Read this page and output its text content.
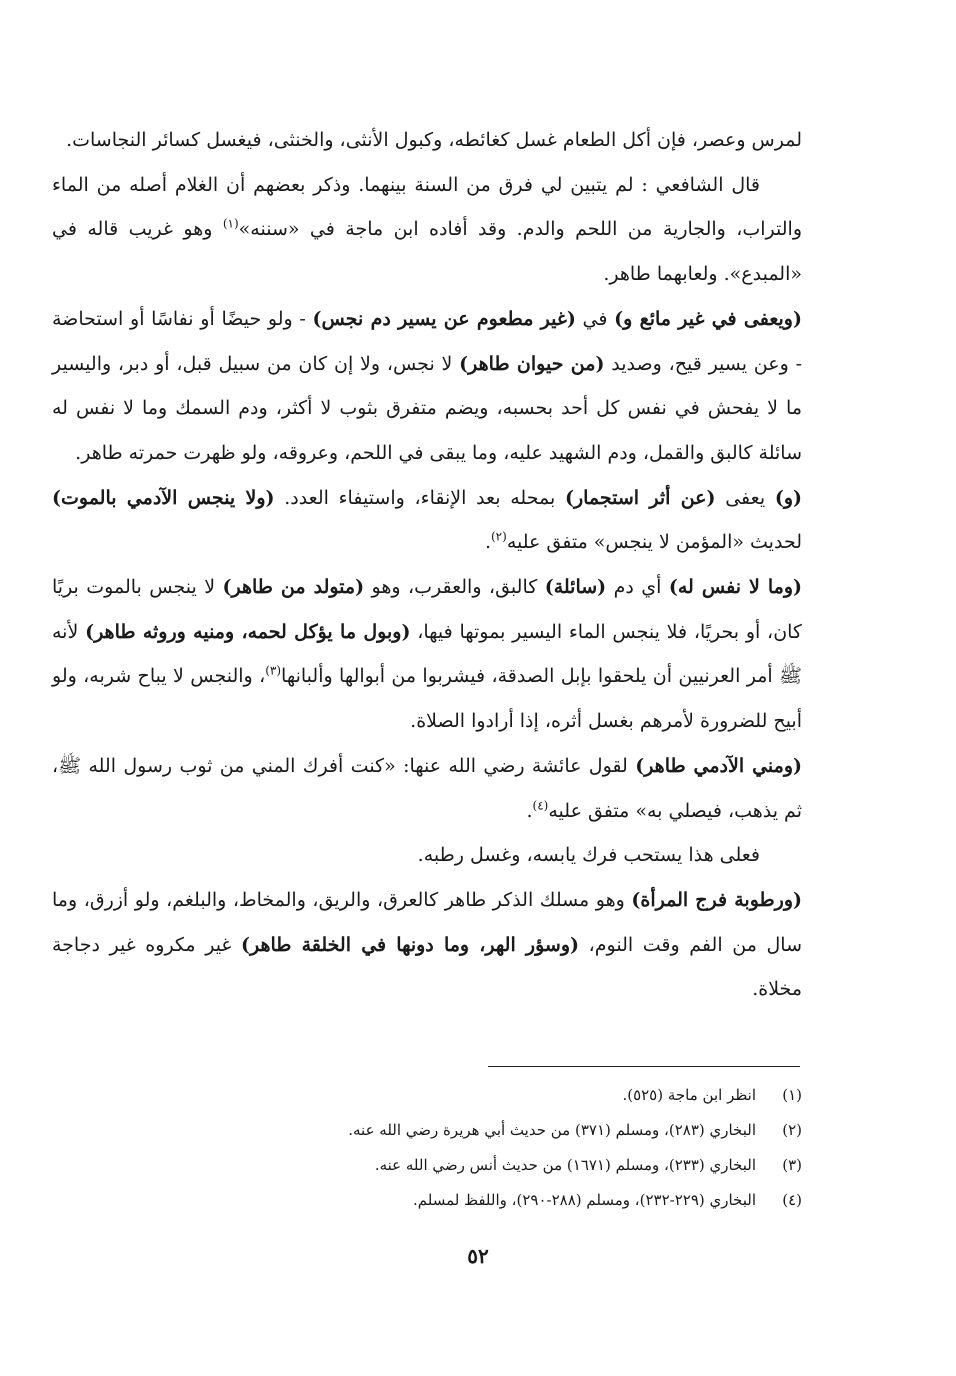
لمرس وعصر، فإن أكل الطعام غسل كغائطه، وكبول الأنثى، والخنثى، فيغسل كسائر النجاسات.

قال الشافعي : لم يتبين لي فرق من السنة بينهما. وذكر بعضهم أن الغلام أصله من الماء والتراب، والجارية من اللحم والدم. وقد أفاده ابن ماجة في «سننه»$^{(١)}$ وهو غريب قاله في «المبدع». ولعابهما طاهر.

(ويعفى في غير مائع و) في (غير مطعوم عن يسير دم نجس) - ولو حيضًا أو نفاسًا أو استحاضة - وعن يسير قيح، وصديد (من حيوان طاهر) لا نجس، ولا إن كان من سبيل قبل، أو دبر، واليسير ما لا يفحش في نفس كل أحد بحسبه، ويضم متفرق بثوب لا أكثر، ودم السمك وما لا نفس له سائلة كالبق والقمل، ودم الشهيد عليه، وما يبقى في اللحم، وعروقه، ولو ظهرت حمرته طاهر.

(و) يعفى (عن أثر استجمار) بمحله بعد الإنقاء، واستيفاء العدد. (ولا ينجس الآدمي بالموت) لحديث «المؤمن لا ينجس» متفق عليه$^{(٢)}$.

(وما لا نفس له) أي دم (سائلة) كالبق، والعقرب، وهو (متولد من طاهر) لا ينجس بالموت بريًا كان، أو بحريًا، فلا ينجس الماء اليسير بموتها فيها، (وبول ما يؤكل لحمه، ومنيه وروثه طاهر) لأنه ﷺ أمر العرنيين أن يلحقوا بإبل الصدقة، فيشربوا من أبوالها وألبانها$^{(٣)}$، والنجس لا يباح شربه، ولو أبيح للضرورة لأمرهم بغسل أثره، إذا أرادوا الصلاة.

(ومني الآدمي طاهر) لقول عائشة رضي الله عنها: «كنت أفرك المني من ثوب رسول الله ﷺ، ثم يذهب، فيصلي به» متفق عليه$^{(٤)}$.

فعلى هذا يستحب فرك يابسه، وغسل رطبه.

(ورطوبة فرج المرأة) وهو مسلك الذكر طاهر كالعرق، والريق، والمخاط، والبلغم، ولو أزرق، وما سال من الفم وقت النوم، (وسؤر الهر، وما دونها في الخلقة طاهر) غير مكروه غير دجاجة مخلاة.

(١)انظر ابن ماجة (٥٢٥).
(٢)البخاري (٢٨٣)، ومسلم (٣٧١) من حديث أبي هريرة رضي الله عنه.
(٣)البخاري (٢٣٣)، ومسلم (١٦٧١) من حديث أنس رضي الله عنه.
(٤)البخاري (٢٢٩-٢٣٢)، ومسلم (٢٨٨-٢٩٠)، واللفظ لمسلم.
٥٢
